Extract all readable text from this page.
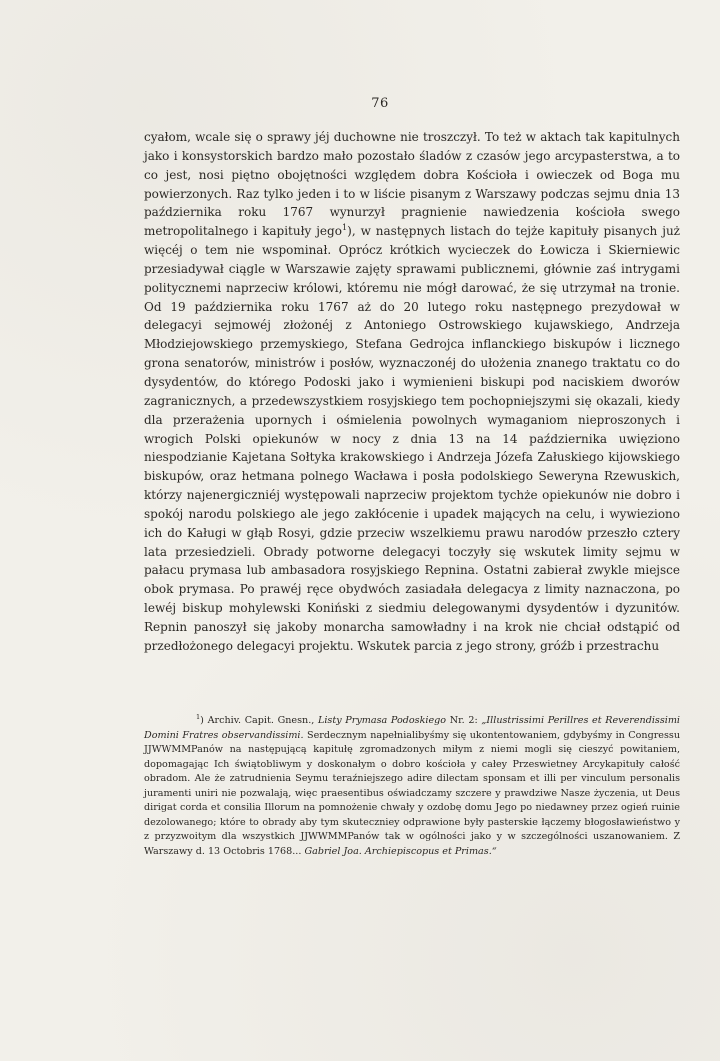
76

cyałom, wcale się o sprawy jéj duchowne nie troszczył. To też w aktach tak kapitulnych jako i konsystorskich bardzo mało pozostało śladów z czasów jego arcypasterstwa, a to co jest, nosi piętno obojętności względem dobra Kościoła i owieczek od Boga mu powierzonych. Raz tylko jeden i to w liście pisanym z Warszawy podczas sejmu dnia 13 października roku 1767 wynurzył pragnienie nawiedzenia kościoła swego metropolitalnego i kapituły jego$^1$), w następnych listach do tejże kapituły pisanych już więcéj o tem nie wspominał. Oprócz krótkich wycieczek do Łowicza i Skierniewic przesiadywał ciągle w Warszawie zajęty sprawami publicznemi, głównie zaś intrygami politycznemi naprzeciw królowi, któremu nie mógł darować, że się utrzymał na tronie. Od 19 października roku 1767 aż do 20 lutego roku następnego prezydował w delegacyi sejmowéj złożonéj z Antoniego Ostrowskiego kujawskiego, Andrzeja Młodziejowskiego przemyskiego, Stefana Gedrojca inflanckiego biskupów i licznego grona senatorów, ministrów i posłów, wyznaczonéj do ułożenia znanego traktatu co do dysydentów, do którego Podoski jako i wymienieni biskupi pod naciskiem dworów zagranicznych, a przedewszystkiem rosyjskiego tem pochopniejszymi się okazali, kiedy dla przerażenia upornych i ośmielenia powolnych wymaganiom nieproszonych i wrogich Polski opiekunów w nocy z dnia 13 na 14 października uwięziono niespodzianie Kajetana Sołtyka krakowskiego i Andrzeja Józefa Załuskiego kijowskiego biskupów, oraz hetmana polnego Wacława i posła podolskiego Seweryna Rzewuskich, którzy najenergiczniéj występowali naprzeciw projektom tychże opiekunów nie dobro i spokój narodu polskiego ale jego zakłócenie i upadek mających na celu, i wywieziono ich do Kaługi w głąb Rosyi, gdzie przeciw wszelkiemu prawu narodów przeszło cztery lata przesiedzieli. Obrady potworne delegacyi toczyły się wskutek limity sejmu w pałacu prymasa lub ambasadora rosyjskiego Repnina. Ostatni zabierał zwykle miejsce obok prymasa. Po prawéj ręce obydwóch zasiadała delegacya z limity naznaczona, po lewéj biskup mohylewski Koniński z siedmiu delegowanymi dysydentów i dyzunitów. Repnin panoszył się jakoby monarcha samowładny i na krok nie chciał odstąpić od przedłożonego delegacyi projektu. Wskutek parcia z jego strony, gróźb i przestrachu

$^1$) Archiv. Capit. Gnesn., Listy Prymasa Podoskiego Nr. 2: „Illustrissimi Perillres et Reverendissimi Domini Fratres observandissimi. Serdecznym napełnialibyśmy się ukontentowaniem, gdybyśmy in Congressu JJWWMMPanów na następującą kapitułę zgromadzonych miłym z niemi mogli się cieszyć powitaniem, dopomagając Ich świątobliwym y doskonałym o dobro kościoła y całey Przeswietney Arcykapituły całość obradom. Ale że zatrudnienia Seymu teraźniejszego adire dilectam sponsam et illi per vinculum personalis juramenti uniri nie pozwalają, więc praesentibus oświadczamy szczere y prawdziwe Nasze życzenia, ut Deus dirigat corda et consilia Illorum na pomnożenie chwały y ozdobę domu Jego po niedawney przez ogień ruinie dezolowanego; które to obrady aby tym skuteczniey odprawione były pasterskie łączemy błogosławieństwo y z przyzwoitym dla wszystkich JJWWMMPanów tak w ogólności jako y w szczególności uszanowaniem. Z Warszawy d. 13 Octobris 1768... Gabriel Joa. Archiepiscopus et Primas.“
